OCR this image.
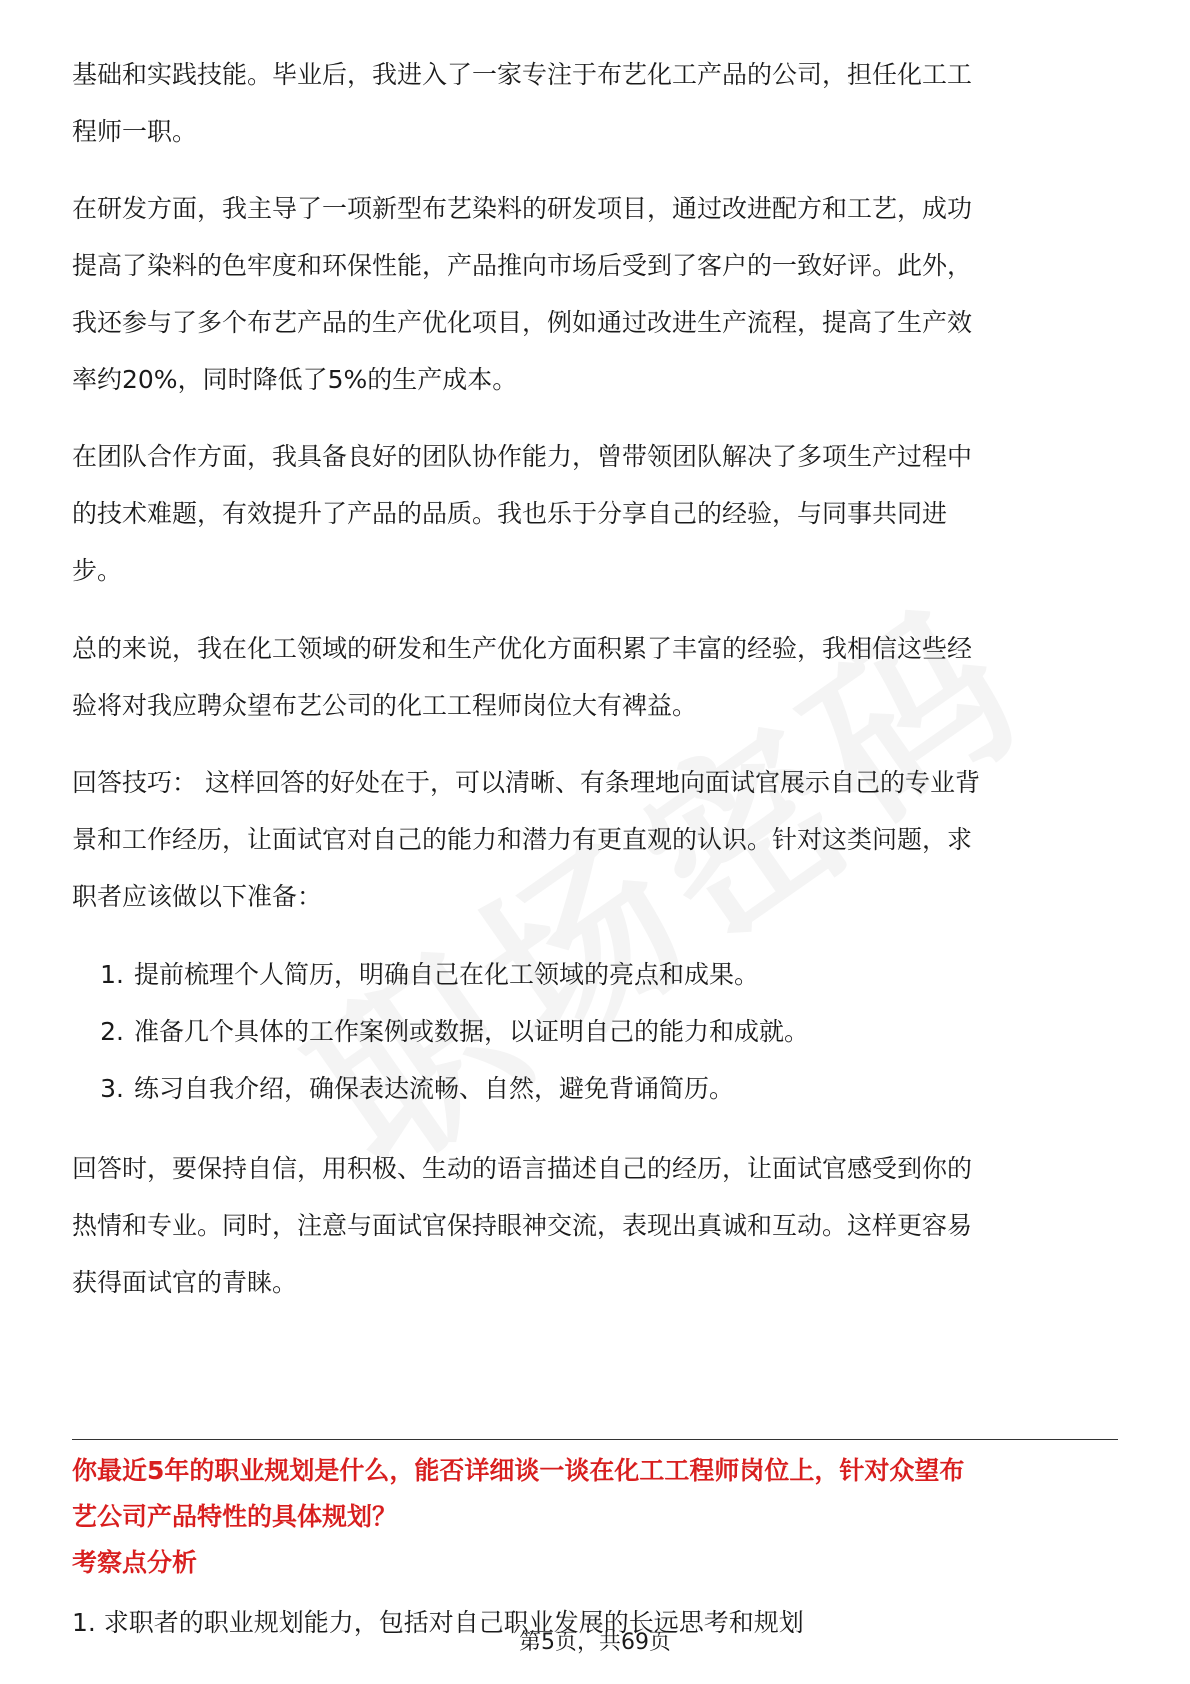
基础和实践技能。毕业后，我进入了一家专注于布艺化工产品的公司，担任化工工
程师一职。
在研发方面，我主导了一项新型布艺染料的研发项目，通过改进配方和工艺，成功
提高了染料的色牢度和环保性能，产品推向市场后受到了客户的一致好评。此外，
我还参与了多个布艺产品的生产优化项目，例如通过改进生产流程，提高了生产效
率约20%，同时降低了5%的生产成本。
在团队合作方面，我具备良好的团队协作能力，曾带领团队解决了多项生产过程中
的技术难题，有效提升了产品的品质。我也乐于分享自己的经验，与同事共同进
步。
总的来说，我在化工领域的研发和生产优化方面积累了丰富的经验，我相信这些经
验将对我应聘众望布艺公司的化工工程师岗位大有裨益。
回答技巧： 这样回答的好处在于，可以清晰、有条理地向面试官展示自己的专业背
景和工作经历，让面试官对自己的能力和潜力有更直观的认识。针对这类问题，求
职者应该做以下准备：
1. 提前梳理个人简历，明确自己在化工领域的亮点和成果。
2. 准备几个具体的工作案例或数据，以证明自己的能力和成就。
3. 练习自我介绍，确保表达流畅、自然，避免背诵简历。
回答时，要保持自信，用积极、生动的语言描述自己的经历，让面试官感受到你的
热情和专业。同时，注意与面试官保持眼神交流，表现出真诚和互动。这样更容易
获得面试官的青睐。
你最近5年的职业规划是什么，能否详细谈一谈在化工工程师岗位上，针对众望布
艺公司产品特性的具体规划？
考察点分析
1. 求职者的职业规划能力，包括对自己职业发展的长远思考和规划
第5页，共69页
